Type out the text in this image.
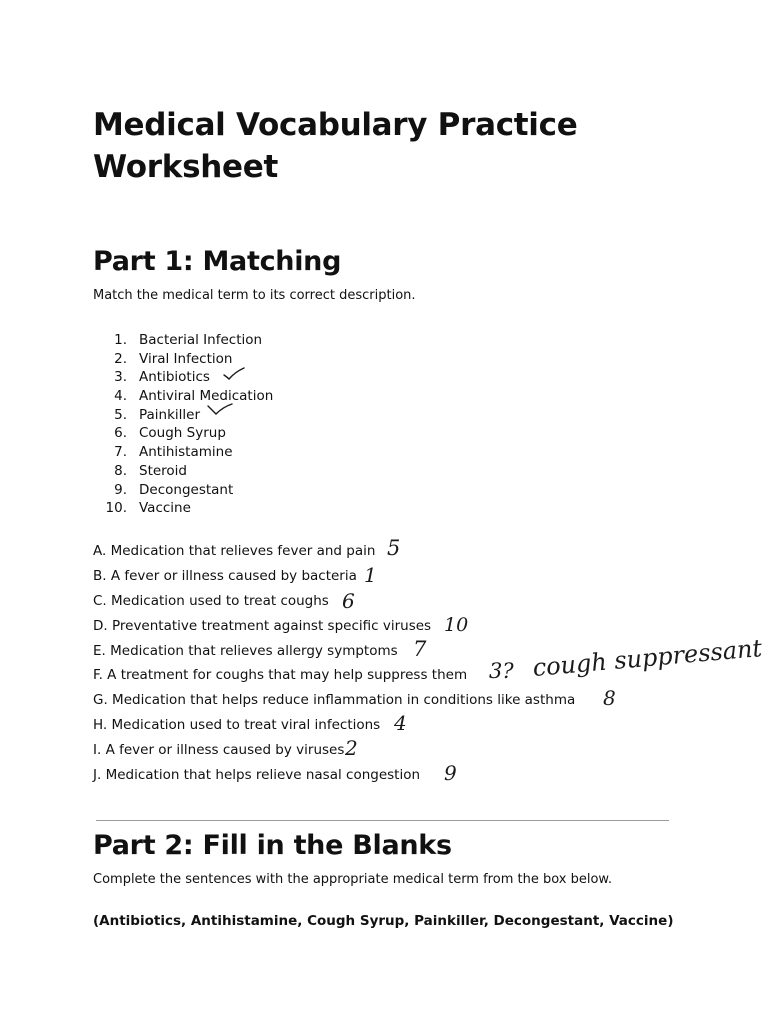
Medical Vocabulary Practice Worksheet
Part 1: Matching

Match the medical term to its correct description.

1. Bacterial Infection
2. Viral Infection
3. Antibiotics
4. Antiviral Medication
5. Painkiller
6. Cough Syrup
7. Antihistamine
8. Steroid
9. Decongestant
10. Vaccine
A. Medication that relieves fever and pain
B. A fever or illness caused by bacteria
C. Medication used to treat coughs
D. Preventative treatment against specific viruses
E. Medication that relieves allergy symptoms
F. A treatment for coughs that may help suppress them
G. Medication that helps reduce inflammation in conditions like asthma
H. Medication used to treat viral infections
I. A fever or illness caused by viruses
J. Medication that helps relieve nasal congestion
5
1
6
10
7
3?
8
4
2
9
cough suppressant
Part 2: Fill in the Blanks

Complete the sentences with the appropriate medical term from the box below.

(Antibiotics, Antihistamine, Cough Syrup, Painkiller, Decongestant, Vaccine)
